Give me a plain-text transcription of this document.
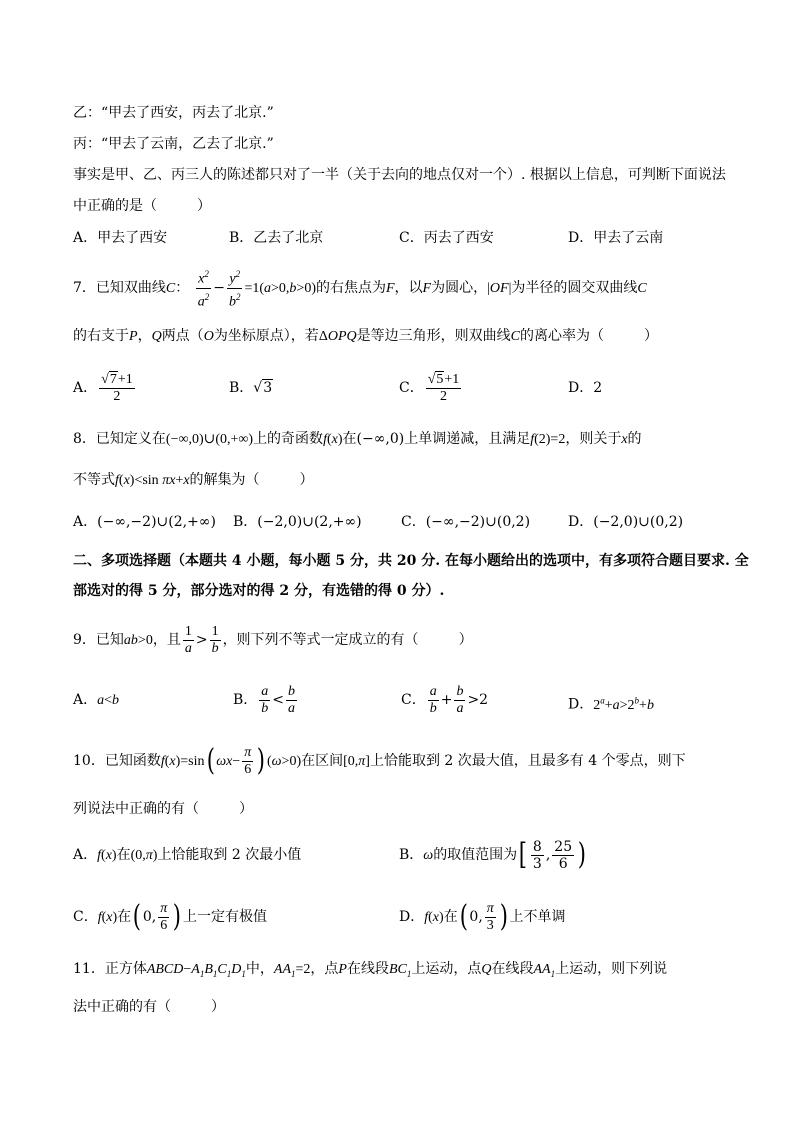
乙：“甲去了西安，丙去了北京.”
丙：“甲去了云南，乙去了北京.”
事实是甲、乙、丙三人的陈述都只对了一半（关于去向的地点仅对一个）. 根据以上信息，可判断下面说法
中正确的是（	）
A．甲去了西安	B．乙去了北京	C．丙去了西安	D．甲去了云南
7．已知双曲线C： $\frac{x^2}{a^2} - \frac{y^2}{b^2} =1(a>0,b>0)$的右焦点为F，以F为圆心，|OF|为半径的圆交双曲线C
的右支于P，Q两点（O为坐标原点），若ΔOPQ是等边三角形，则双曲线C的离心率为（	）
A． $\frac{√7+1}{2}$	B．√3	C． $\frac{√5+1}{2}$	D．2
8．已知定义在(−∞,0)∪(0,+∞)上的奇函数f(x)在(−∞,0)上单调递减，且满足f(2)=2，则关于x的
不等式f(x)<sin πx+x的解集为（	）
A．(−∞,−2)∪(2,+∞) B．(−2,0)∪(2,+∞)	C．(−∞,−2)∪(0,2)	D．(−2,0)∪(0,2)
二、多项选择题（本题共 4 小题，每小题 5 分，共 20 分. 在每小题给出的选项中，有多项符合题目要求. 全
部选对的得 5 分，部分选对的得 2 分，有选错的得 0 分）.
9．已知ab>0，且 $\frac{1}{a} > \frac{1}{b}$ ，则下列不等式一定成立的有（	）
A．a<b	B． $\frac{a}{b} < \frac{b}{a}$	C． $\frac{a}{b} + \frac{b}{a} >2$	D．$2^a+a>2^b+b$
10．已知函数f(x)=sin( $\omega x- \frac{\pi}{6}$ ) (ω>0)在区间[0,π]上恰能取到 2 次最大值，且最多有 4 个零点，则下
列说法中正确的有（	）
A．f(x)在(0,π)上恰能取到 2 次最小值	B．ω的取值范围为[ $\frac{8}{3}$ , $\frac{25}{6}$ )
C．f(x)在( 0, $\frac{\pi}{6}$ ) 上一定有极值	D．f(x)在( 0, $\frac{\pi}{3}$ ) 上不单调
11．正方体$ABCD-A_1B_1C_1D_1$中，$AA_1=2$，点P在线段$BC_1$上运动，点Q在线段$AA_1$上运动，则下列说
法中正确的有（	）
